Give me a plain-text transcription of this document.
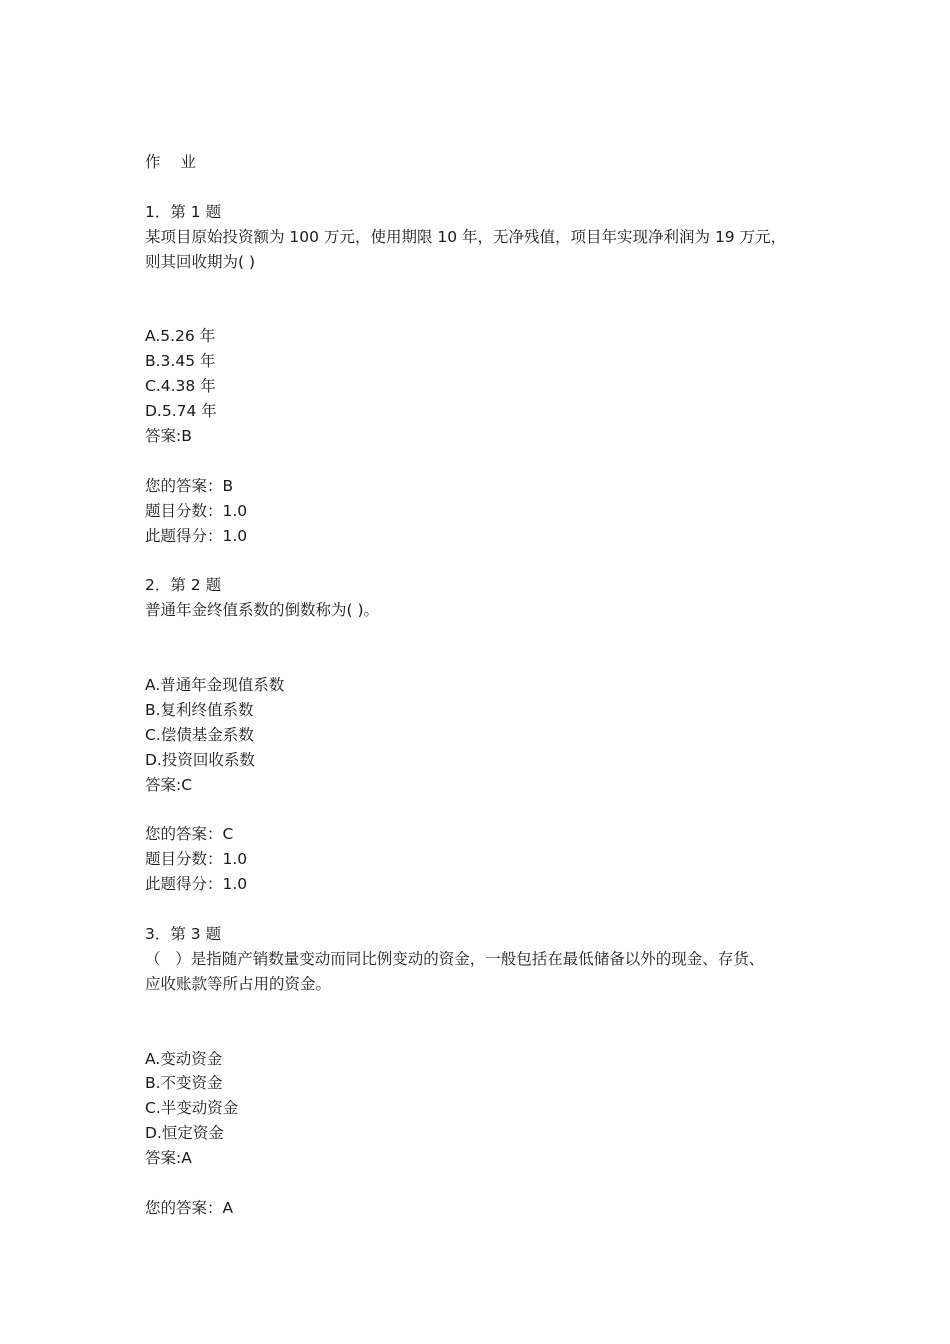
作 业
1．第 1 题
某项目原始投资额为 100 万元，使用期限 10 年，无净残值，项目年实现净利润为 19 万元，
则其回收期为( )
A.5.26 年
B.3.45 年
C.4.38 年
D.5.74 年
答案:B
您的答案：B
题目分数：1.0
此题得分：1.0
2．第 2 题
普通年金终值系数的倒数称为( )。
A.普通年金现值系数
B.复利终值系数
C.偿债基金系数
D.投资回收系数
答案:C
您的答案：C
题目分数：1.0
此题得分：1.0
3．第 3 题
（   ）是指随产销数量变动而同比例变动的资金，一般包括在最低储备以外的现金、存货、
应收账款等所占用的资金。
A.变动资金
B.不变资金
C.半变动资金
D.恒定资金
答案:A
您的答案：A
